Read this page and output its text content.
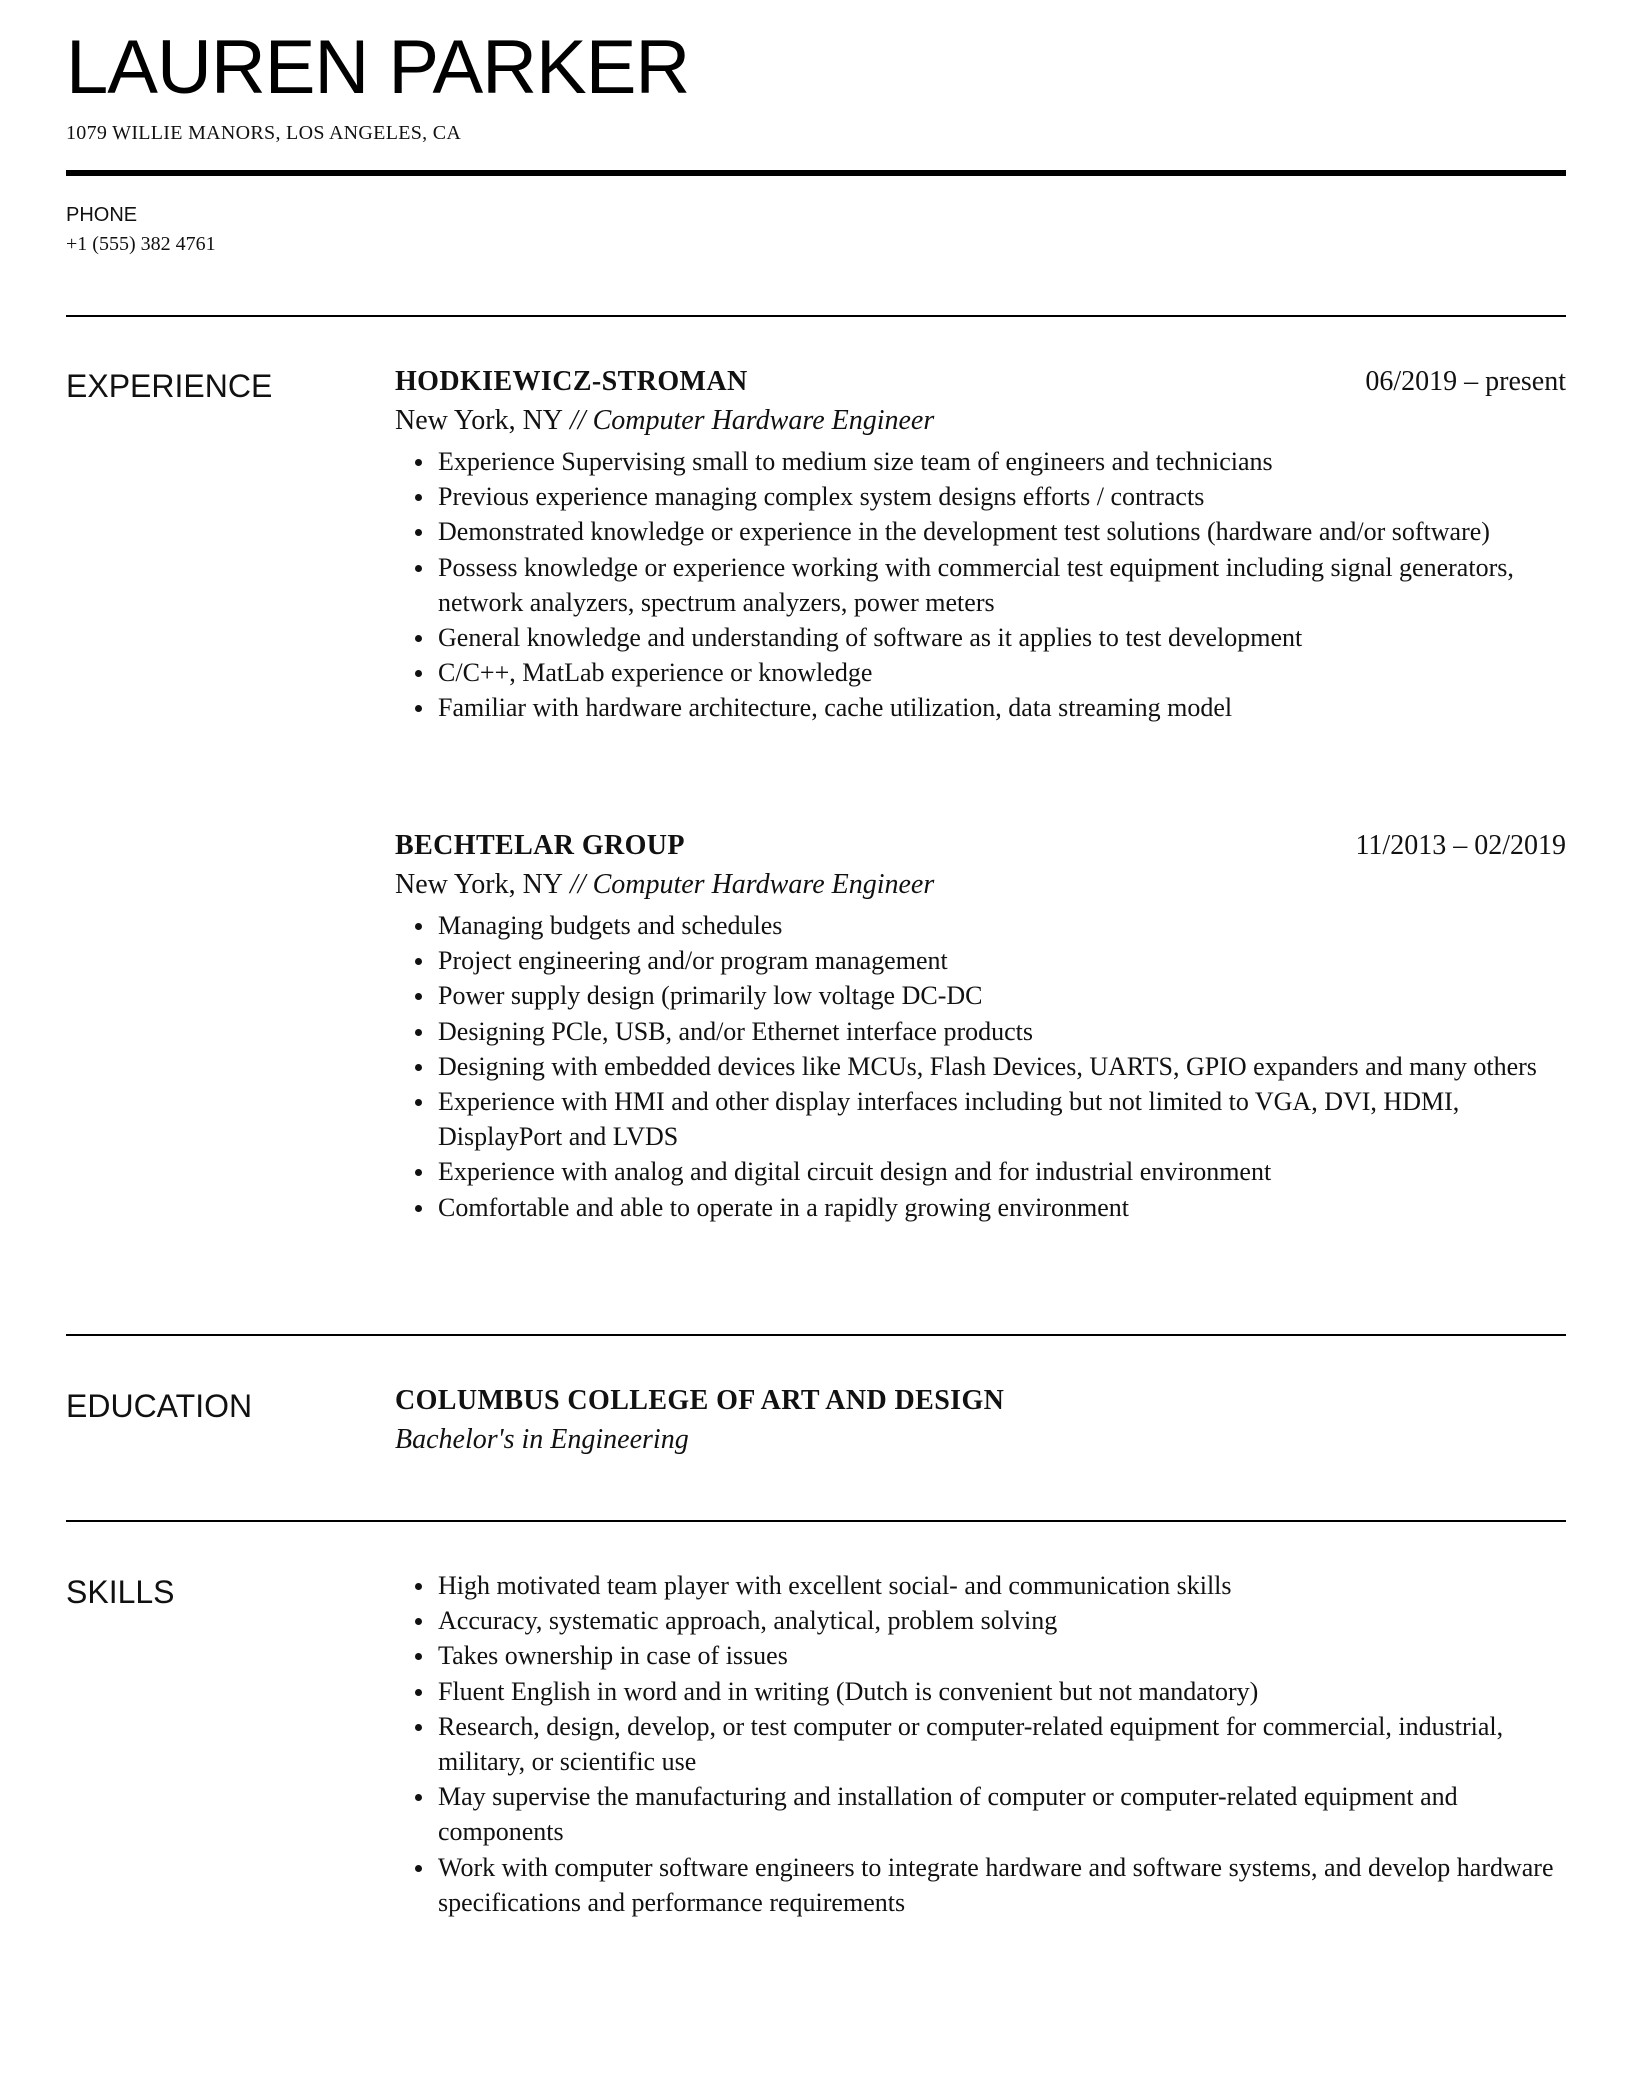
LAUREN PARKER
1079 WILLIE MANORS, LOS ANGELES, CA
PHONE
+1 (555) 382 4761
EXPERIENCE	HODKIEWICZ-STROMAN	06/2019 – present
New York, NY // Computer Hardware Engineer
Experience Supervising small to medium size team of engineers and technicians
Previous experience managing complex system designs efforts / contracts
Demonstrated knowledge or experience in the development test solutions (hardware and/or software)
Possess knowledge or experience working with commercial test equipment including signal generators, network analyzers, spectrum analyzers, power meters
General knowledge and understanding of software as it applies to test development
C/C++, MatLab experience or knowledge
Familiar with hardware architecture, cache utilization, data streaming model
BECHTELAR GROUP	11/2013 – 02/2019
New York, NY // Computer Hardware Engineer
Managing budgets and schedules
Project engineering and/or program management
Power supply design (primarily low voltage DC-DC
Designing PCle, USB, and/or Ethernet interface products
Designing with embedded devices like MCUs, Flash Devices, UARTS, GPIO expanders and many others
Experience with HMI and other display interfaces including but not limited to VGA, DVI, HDMI, DisplayPort and LVDS
Experience with analog and digital circuit design and for industrial environment
Comfortable and able to operate in a rapidly growing environment
EDUCATION	COLUMBUS COLLEGE OF ART AND DESIGN
Bachelor's in Engineering
SKILLS	High motivated team player with excellent social- and communication skills
Accuracy, systematic approach, analytical, problem solving
Takes ownership in case of issues
Fluent English in word and in writing (Dutch is convenient but not mandatory)
Research, design, develop, or test computer or computer-related equipment for commercial, industrial, military, or scientific use
May supervise the manufacturing and installation of computer or computer-related equipment and components
Work with computer software engineers to integrate hardware and software systems, and develop hardware specifications and performance requirements
